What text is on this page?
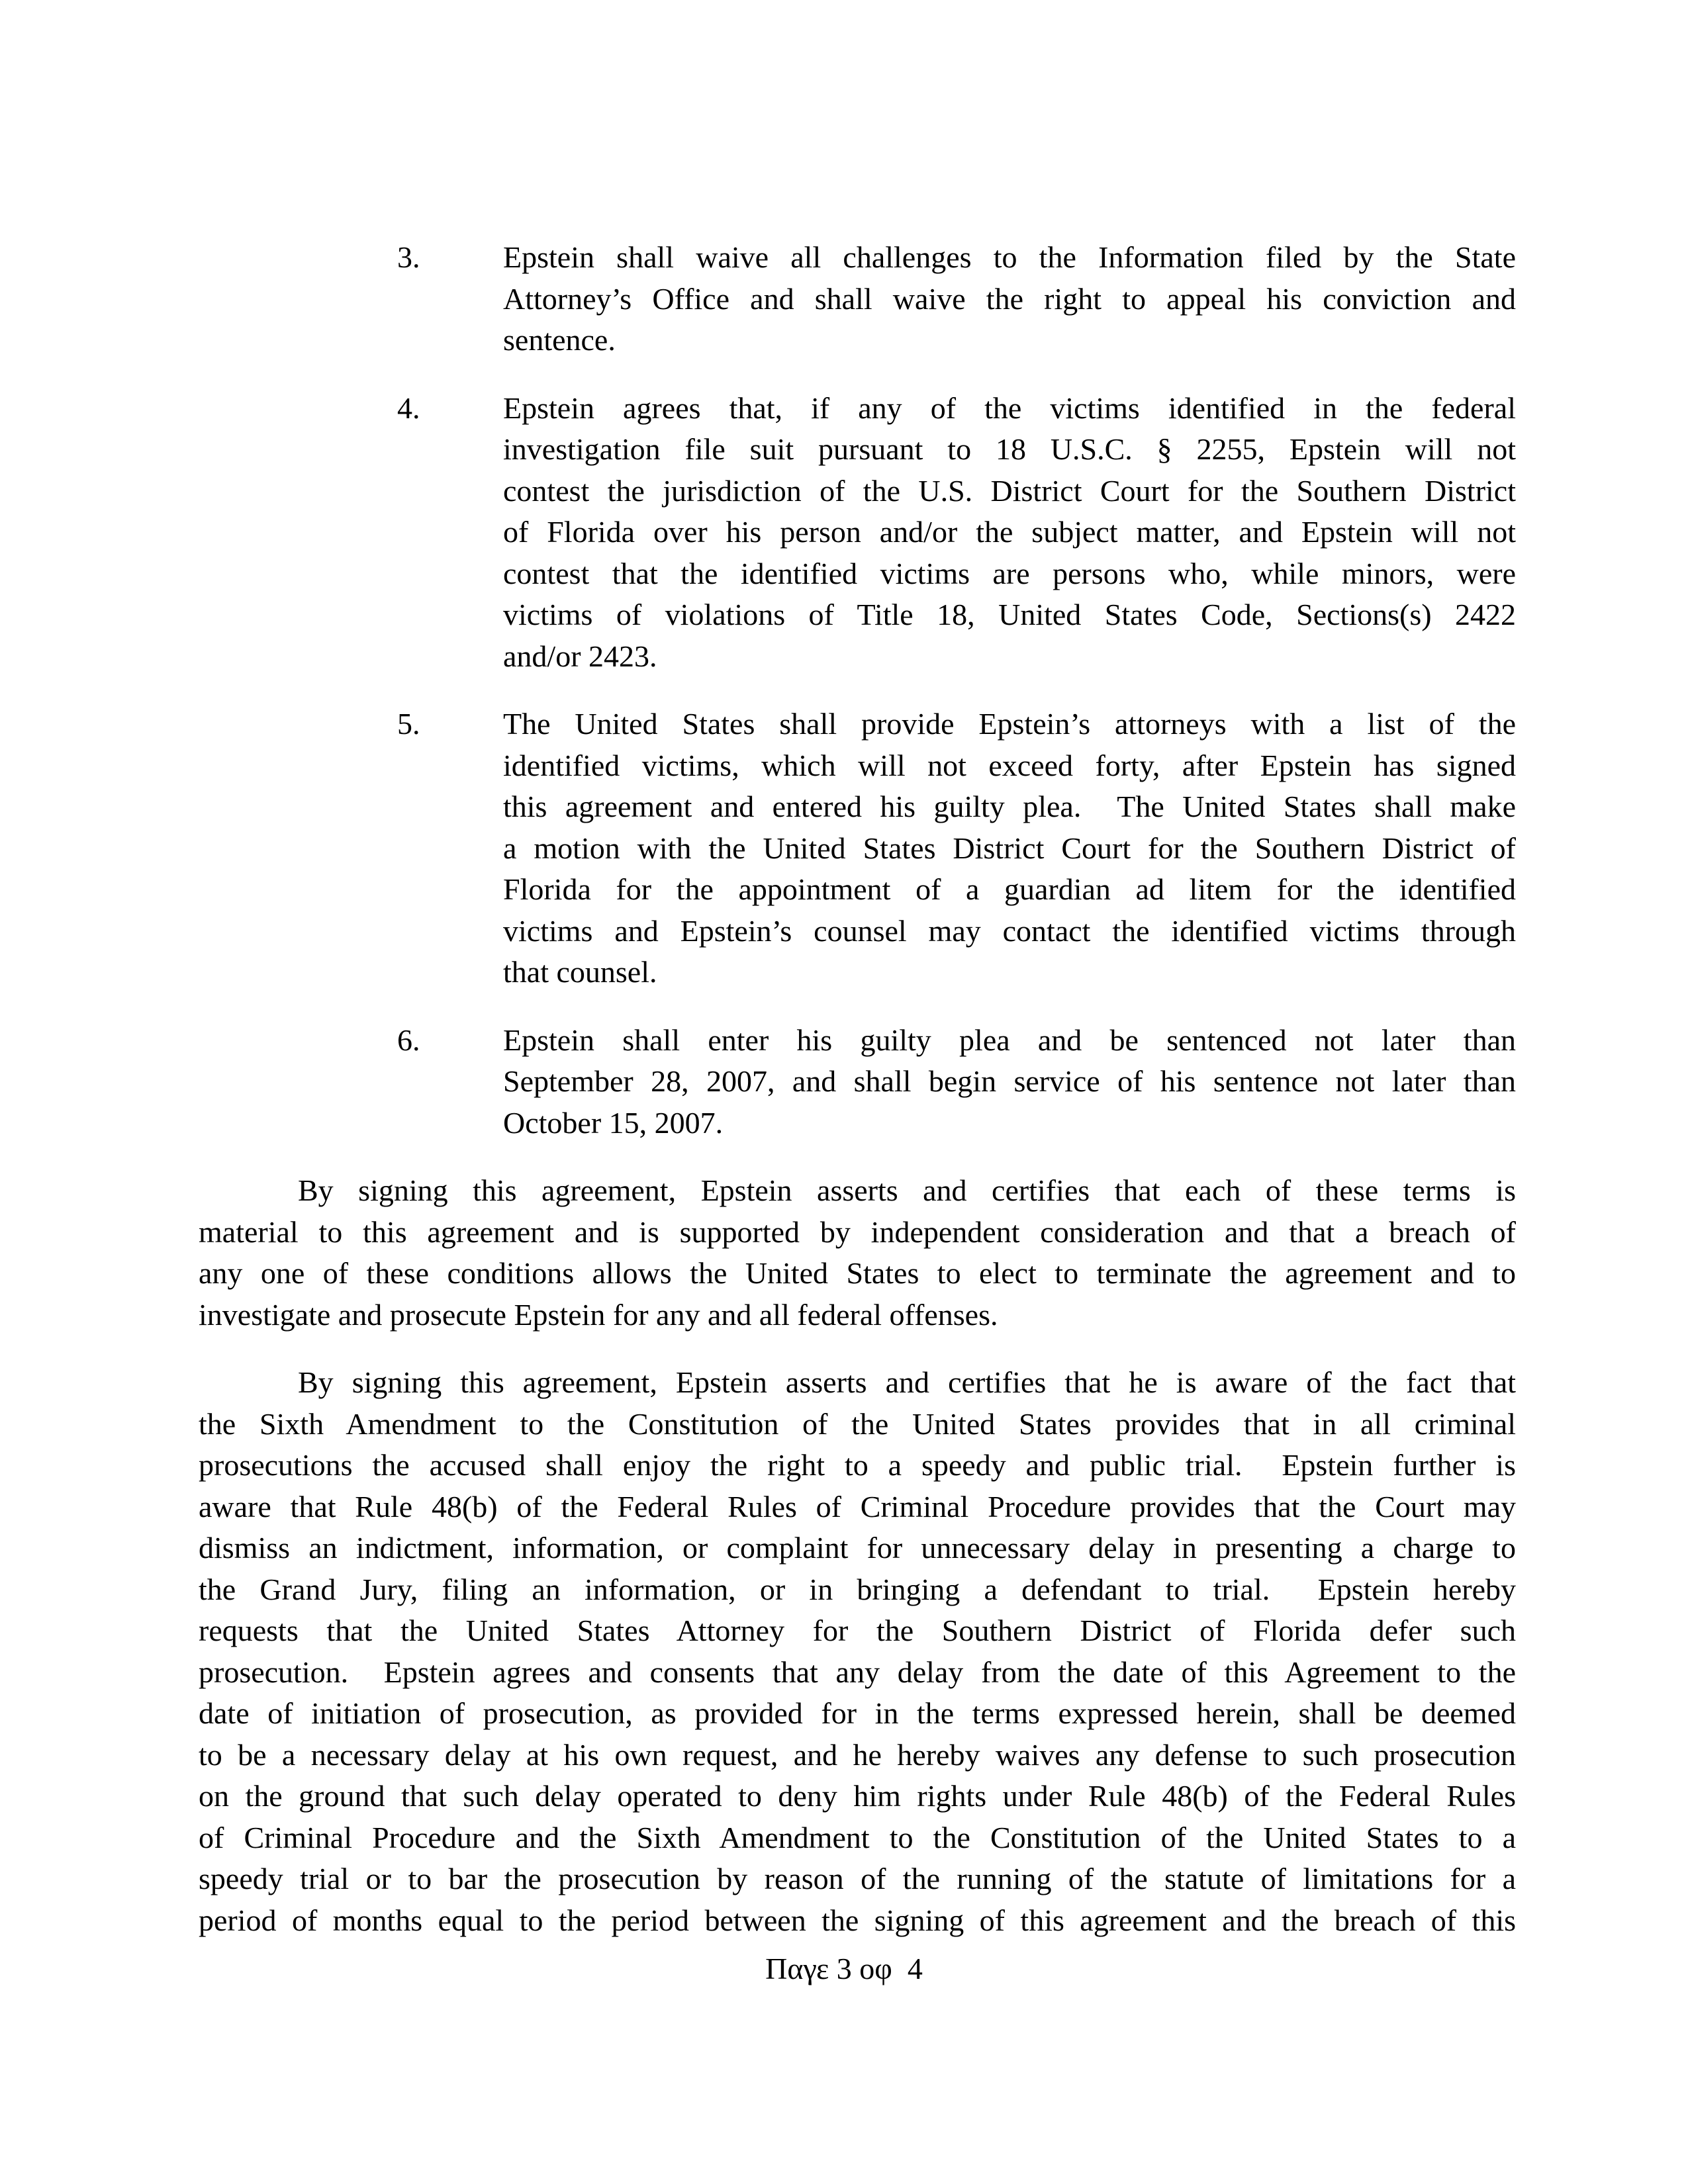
3.	Epstein shall waive all challenges to the Information filed by the State
Attorney’s Office and shall waive the right to appeal his conviction and
sentence.
4.	Epstein agrees that, if any of the victims identified in the federal
investigation file suit pursuant to 18 U.S.C. § 2255, Epstein will not
contest the jurisdiction of the U.S. District Court for the Southern District
of Florida over his person and/or the subject matter, and Epstein will not
contest that the identified victims are persons who, while minors, were
victims of violations of Title 18, United States Code, Sections(s) 2422
and/or 2423.
5.	The United States shall provide Epstein’s attorneys with a list of the
identified victims, which will not exceed forty, after Epstein has signed
this agreement and entered his guilty plea.  The United States shall make
a motion with the United States District Court for the Southern District of
Florida for the appointment of a guardian ad litem for the identified
victims and Epstein’s counsel may contact the identified victims through
that counsel.
6.	Epstein shall enter his guilty plea and be sentenced not later than
September 28, 2007, and shall begin service of his sentence not later than
October 15, 2007.
By signing this agreement, Epstein asserts and certifies that each of these terms is
material to this agreement and is supported by independent consideration and that a breach of
any one of these conditions allows the United States to elect to terminate the agreement and to
investigate and prosecute Epstein for any and all federal offenses.
By signing this agreement, Epstein asserts and certifies that he is aware of the fact that
the Sixth Amendment to the Constitution of the United States provides that in all criminal
prosecutions the accused shall enjoy the right to a speedy and public trial.  Epstein further is
aware that Rule 48(b) of the Federal Rules of Criminal Procedure provides that the Court may
dismiss an indictment, information, or complaint for unnecessary delay in presenting a charge to
the Grand Jury, filing an information, or in bringing a defendant to trial.  Epstein hereby
requests that the United States Attorney for the Southern District of Florida defer such
prosecution.  Epstein agrees and consents that any delay from the date of this Agreement to the
date of initiation of prosecution, as provided for in the terms expressed herein, shall be deemed
to be a necessary delay at his own request, and he hereby waives any defense to such prosecution
on the ground that such delay operated to deny him rights under Rule 48(b) of the Federal Rules
of Criminal Procedure and the Sixth Amendment to the Constitution of the United States to a
speedy trial or to bar the prosecution by reason of the running of the statute of limitations for a
period of months equal to the period between the signing of this agreement and the breach of this
Παγε 3 οφ  4
